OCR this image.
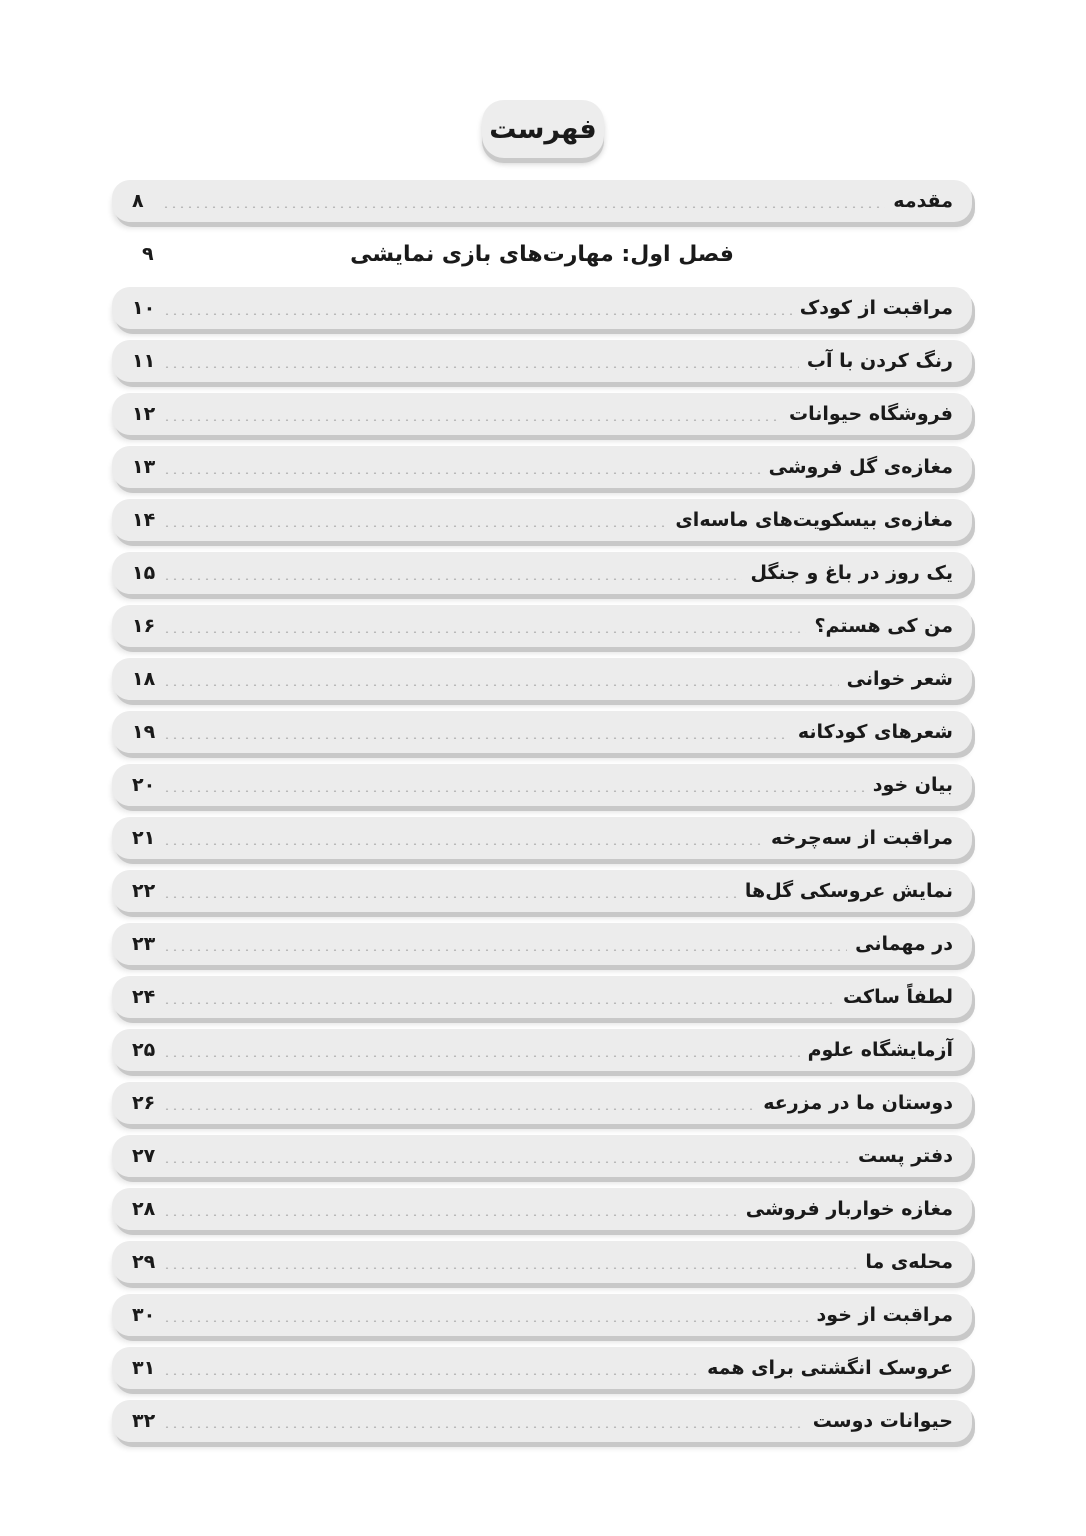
فهرست
مقدمه
۸
فصل اول: مهارت‌های بازی نمایشی
۹
مراقبت از کودک
۱۰
رنگ کردن با آب
۱۱
فروشگاه حیوانات
۱۲
مغازه‌ی گل فروشی
۱۳
مغازه‌ی بیسکویت‌های ماسه‌ای
۱۴
یک روز در باغ و جنگل
۱۵
من کی هستم؟
۱۶
شعر خوانی
۱۸
شعرهای کودکانه
۱۹
بیان خود
۲۰
مراقبت از سه‌چرخه
۲۱
نمایش عروسکی گل‌ها
۲۲
در مهمانی
۲۳
لطفاً ساکت
۲۴
آزمایشگاه علوم
۲۵
دوستان ما در مزرعه
۲۶
دفتر پست
۲۷
مغازه خواربار فروشی
۲۸
محله‌ی ما
۲۹
مراقبت از خود
۳۰
عروسک انگشتی برای همه
۳۱
حیوانات دوست
۳۲
